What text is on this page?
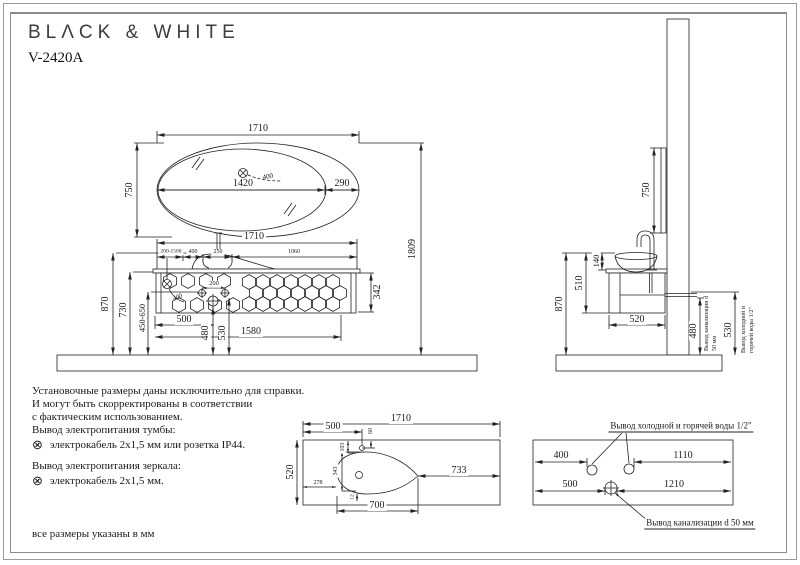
BLΛCK & WHITE
V-2420A
1710
750	1420	290
400
1809
1710
200-1500	400	250	1060
342
200
400
870 730 450-650	500
480 530 1580
750
140
510
870
520
480 530
Вывод канализации d 50 мм	Вывод холодной и горячей воды 1/2"
1710
520
500	60
103
343
278
733
12
700
Вывод холодной и горячей воды 1/2"
400	1110
500	1210
Вывод канализации d 50 мм
Установочные размеры даны исключительно для справки.
И могут быть скорректированы в соответствии
с фактическим использованием.
Вывод электропитания тумбы:
⊗ электрокабель 2х1,5 мм или розетка IP44.
Вывод электропитания зеркала:
⊗ электрокабель 2х1,5 мм.
все размеры указаны в мм
